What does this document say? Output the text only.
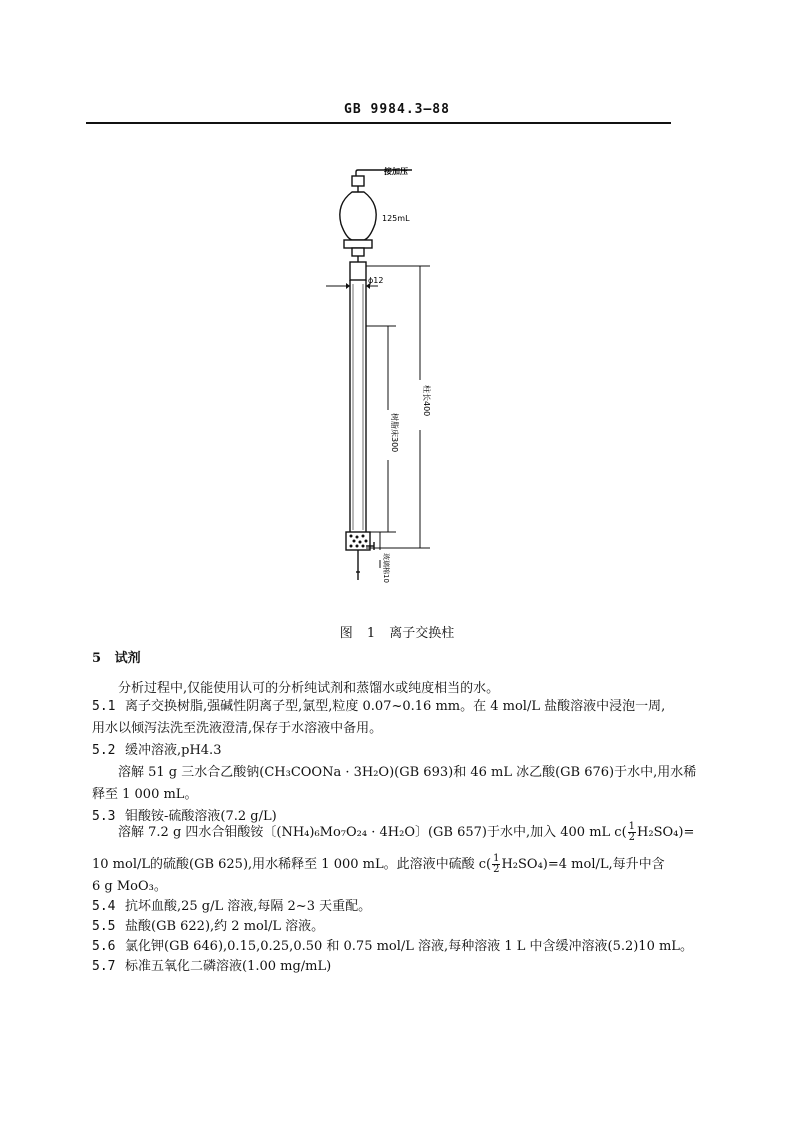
GB 9984.3—88
接加压
125mL
ϕ12
树脂床300
柱长400
玻璃棉10
图 1 离子交换柱
5 试剂
分析过程中,仅能使用认可的分析纯试剂和蒸馏水或纯度相当的水。
5.1 离子交换树脂,强碱性阴离子型,氯型,粒度 0.07~0.16 mm。在 4 mol/L 盐酸溶液中浸泡一周,
用水以倾泻法洗至洗液澄清,保存于水溶液中备用。
5.2 缓冲溶液,pH4.3
溶解 51 g 三水合乙酸钠(CH₃COONa · 3H₂O)(GB 693)和 46 mL 冰乙酸(GB 676)于水中,用水稀
释至 1 000 mL。
5.3 钼酸铵-硫酸溶液(7.2 g/L)
溶解 7.2 g 四水合钼酸铵〔(NH₄)₆Mo₇O₂₄ · 4H₂O〕(GB 657)于水中,加入 400 mL $c( \frac{1}{2} H_2SO_4)=$
10 mol/L的硫酸(GB 625),用水稀释至 1 000 mL。此溶液中硫酸 $c( \frac{1}{2} H_2SO_4)=4$ mol/L,每升中含
6 g MoO₃。
5.4 抗坏血酸,25 g/L 溶液,每隔 2~3 天重配。
5.5 盐酸(GB 622),约 2 mol/L 溶液。
5.6 氯化钾(GB 646),0.15,0.25,0.50 和 0.75 mol/L 溶液,每种溶液 1 L 中含缓冲溶液(5.2)10 mL。
5.7 标准五氧化二磷溶液(1.00 mg/mL)
